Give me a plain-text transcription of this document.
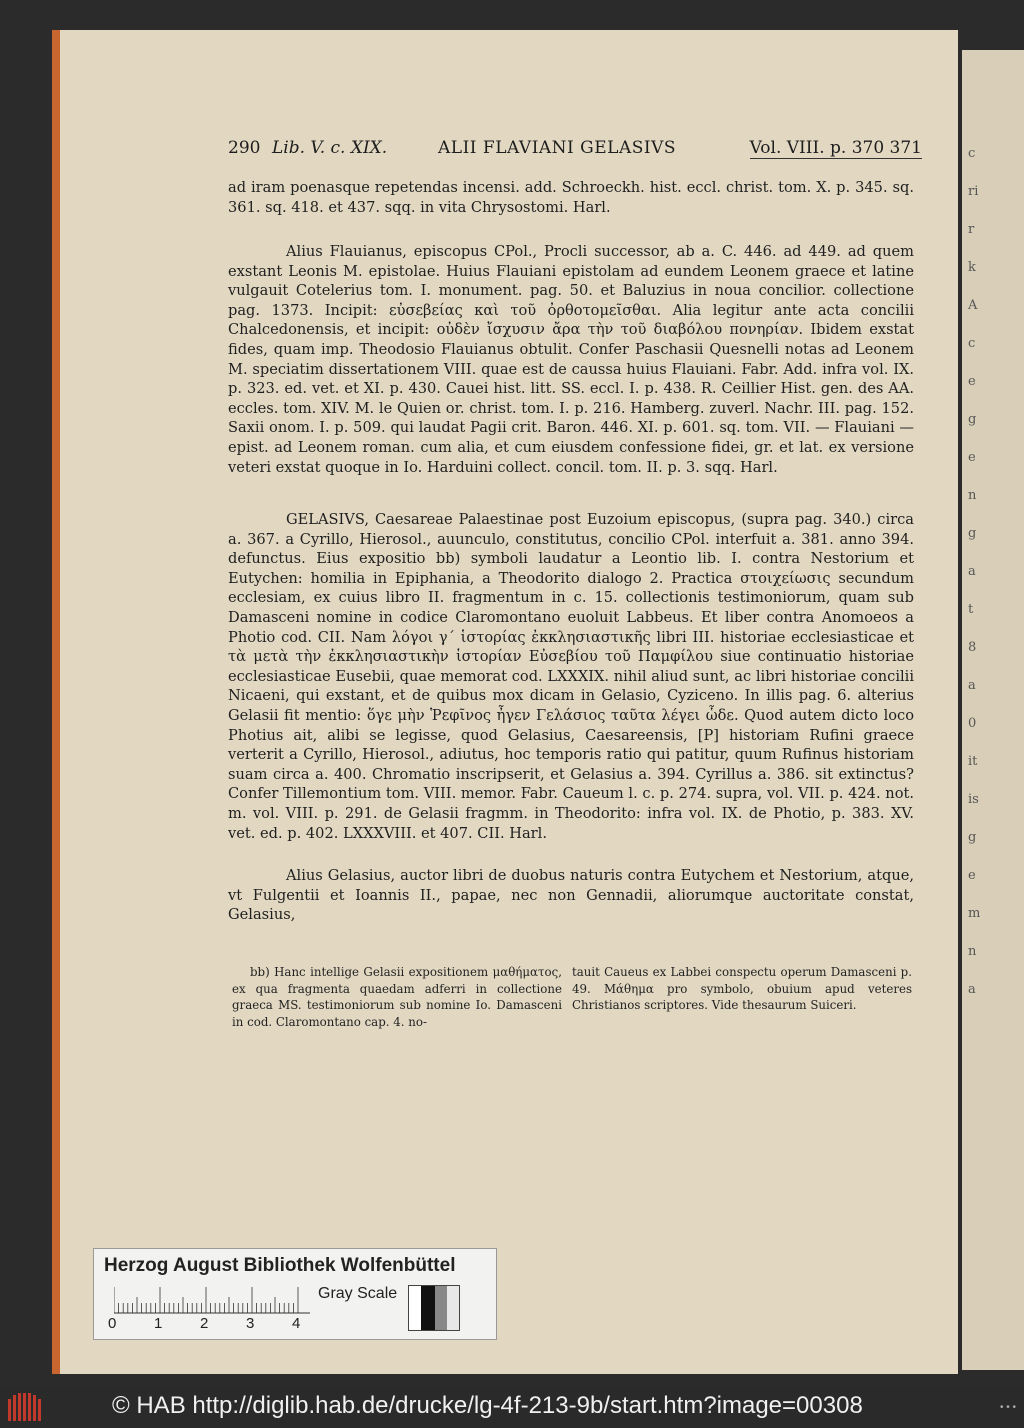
c
ri
r
k
A
c
e
g
e
n
g
a
t
8
a
0
it
is
g
e
m
n
a
290 Lib. V. c. XIX.	ALII FLAVIANI GELASIVS	Vol. VIII. p. 370 371
ad iram poenasque repetendas incensi. add. Schroeckh. hist. eccl. christ. tom. X. p. 345. sq. 361. sq. 418. et 437. sqq. in vita Chrysostomi. Harl.
Alius Flauianus, episcopus CPol., Procli successor, ab a. C. 446. ad 449. ad quem exstant Leonis M. epistolae. Huius Flauiani epistolam ad eundem Leonem graece et latine vulgauit Cotelerius tom. I. monument. pag. 50. et Baluzius in noua concilior. collectione pag. 1373. Incipit: εὐσεβείας καὶ τοῦ ὀρθοτομεῖσθαι. Alia legitur ante acta concilii Chalcedonensis, et incipit: οὐδὲν ἴσχυσιν ἄρα τὴν τοῦ διαβόλου πονηρίαν. Ibidem exstat fides, quam imp. Theodosio Flauianus obtulit. Confer Paschasii Quesnelli notas ad Leonem M. speciatim dissertationem VIII. quae est de caussa huius Flauiani. Fabr. Add. infra vol. IX. p. 323. ed. vet. et XI. p. 430. Cauei hist. litt. SS. eccl. I. p. 438. R. Ceillier Hist. gen. des AA. eccles. tom. XIV. M. le Quien or. christ. tom. I. p. 216. Hamberg. zuverl. Nachr. III. pag. 152. Saxii onom. I. p. 509. qui laudat Pagii crit. Baron. 446. XI. p. 601. sq. tom. VII. — Flauiani — epist. ad Leonem roman. cum alia, et cum eiusdem confessione fidei, gr. et lat. ex versione veteri exstat quoque in Io. Harduini collect. concil. tom. II. p. 3. sqq. Harl.
GELASIVS, Caesareae Palaestinae post Euzoium episcopus, (supra pag. 340.) circa a. 367. a Cyrillo, Hierosol., auunculo, constitutus, concilio CPol. interfuit a. 381. anno 394. defunctus. Eius expositio bb) symboli laudatur a Leontio lib. I. contra Nestorium et Eutychen: homilia in Epiphania, a Theodorito dialogo 2. Practica στοιχείωσις secundum ecclesiam, ex cuius libro II. fragmentum in c. 15. collectionis testimoniorum, quam sub Damasceni nomine in codice Claromontano euoluit Labbeus. Et liber contra Anomoeos a Photio cod. CII. Nam λόγοι γ΄ ἱστορίας ἐκκλησιαστικῆς libri III. historiae ecclesiasticae et τὰ μετὰ τὴν ἐκκλησιαστικὴν ἱστορίαν Εὐσεβίου τοῦ Παμφίλου siue continuatio historiae ecclesiasticae Eusebii, quae memorat cod. LXXXIX. nihil aliud sunt, ac libri historiae concilii Nicaeni, qui exstant, et de quibus mox dicam in Gelasio, Cyziceno. In illis pag. 6. alterius Gelasii fit mentio: ὅγε μὴν Ῥεφῖνος ἦγεν Γελάσιος ταῦτα λέγει ὧδε. Quod autem dicto loco Photius ait, alibi se legisse, quod Gelasius, Caesareensis, [P] historiam Rufini graece verterit a Cyrillo, Hierosol., adiutus, hoc temporis ratio qui patitur, quum Rufinus historiam suam circa a. 400. Chromatio inscripserit, et Gelasius a. 394. Cyrillus a. 386. sit extinctus? Confer Tillemontium tom. VIII. memor. Fabr. Caueum l. c. p. 274. supra, vol. VII. p. 424. not. m. vol. VIII. p. 291. de Gelasii fragmm. in Theodorito: infra vol. IX. de Photio, p. 383. XV. vet. ed. p. 402. LXXXVIII. et 407. CII. Harl.
Alius Gelasius, auctor libri de duobus naturis contra Eutychem et Nestorium, atque, vt Fulgentii et Ioannis II., papae, nec non Gennadii, aliorumque auctoritate constat, Gelasius,
bb) Hanc intellige Gelasii expositionem μαθήματος, ex qua fragmenta quaedam adferri in collectione graeca MS. testimoniorum sub nomine Io. Damasceni in cod. Claromontano cap. 4. no-
tauit Caueus ex Labbei conspectu operum Damasceni p. 49. Μάθημα pro symbolo, obuium apud veteres Christianos scriptores. Vide thesaurum Suiceri.
Herzog August Bibliothek Wolfenbüttel
0	1	2	3	4
Gray Scale
© HAB http://diglib.hab.de/drucke/lg-4f-213-9b/start.htm?image=00308	• • •
